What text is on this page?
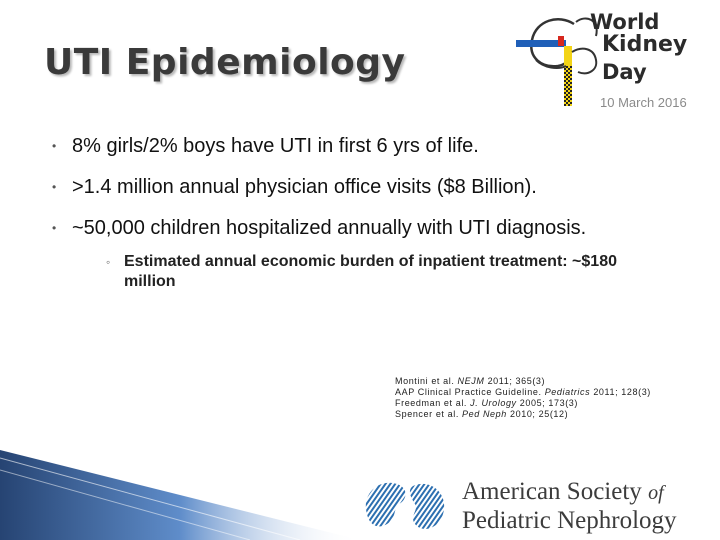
UTI Epidemiology
World
Kidney
Day
10 March 2016
• 8% girls/2% boys have UTI in first 6 yrs of life.
• >1.4 million annual physician office visits ($8 Billion).
• ~50,000 children hospitalized annually with UTI diagnosis.
◦ Estimated annual economic burden of inpatient treatment: ~$180 million
Montini et al. NEJM 2011; 365(3)
AAP Clinical Practice Guideline. Pediatrics 2011; 128(3)
Freedman et al. J. Urology 2005; 173(3)
Spencer et al. Ped Neph 2010; 25(12)
American Society of
Pediatric Nephrology
